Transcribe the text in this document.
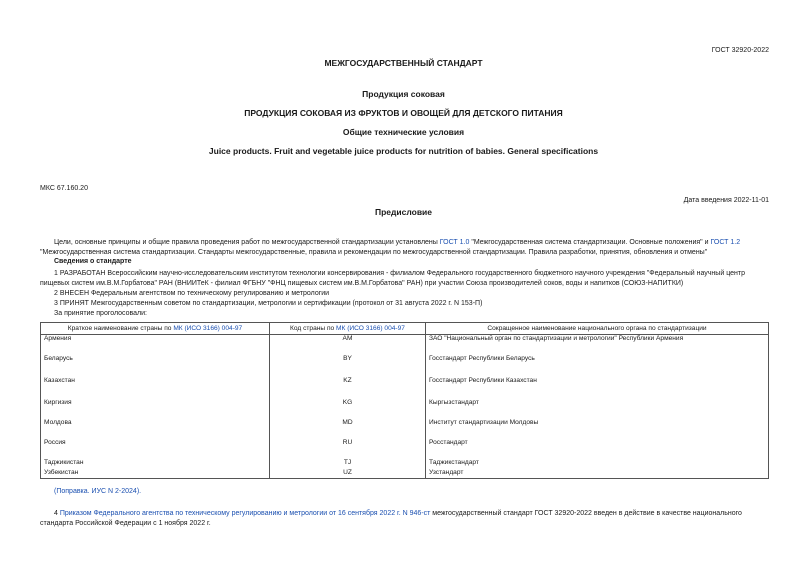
ГОСТ 32920-2022
МЕЖГОСУДАРСТВЕННЫЙ СТАНДАРТ
Продукция соковая
ПРОДУКЦИЯ СОКОВАЯ ИЗ ФРУКТОВ И ОВОЩЕЙ ДЛЯ ДЕТСКОГО ПИТАНИЯ
Общие технические условия
Juice products. Fruit and vegetable juice products for nutrition of babies. General specifications
МКС 67.160.20
Дата введения 2022-11-01
Предисловие
Цели, основные принципы и общие правила проведения работ по межгосударственной стандартизации установлены ГОСТ 1.0 "Межгосударственная система стандартизации. Основные положения" и ГОСТ 1.2 "Межгосударственная система стандартизации. Стандарты межгосударственные, правила и рекомендации по межгосударственной стандартизации. Правила разработки, принятия, обновления и отмены"
Сведения о стандарте
1 РАЗРАБОТАН Всероссийским научно-исследовательским институтом технологии консервирования - филиалом Федерального государственного бюджетного научного учреждения "Федеральный научный центр пищевых систем им.В.М.Горбатова" РАН (ВНИИТеК - филиал ФГБНУ "ФНЦ пищевых систем им.В.М.Горбатова" РАН) при участии Союза производителей соков, воды и напитков (СОЮЗ-НАПИТКИ)
2 ВНЕСЕН Федеральным агентством по техническому регулированию и метрологии
3 ПРИНЯТ Межгосударственным советом по стандартизации, метрологии и сертификации (протокол от 31 августа 2022 г. N 153-П)
За принятие проголосовали:
Краткое наименование страны по МК (ИСО 3166) 004-97	Код страны по МК (ИСО 3166) 004-97	Сокращенное наименование национального органа по стандартизации
Армения	AM	ЗАО "Национальный орган по стандартизации и метрологии" Республики Армения
Беларусь	BY	Госстандарт Республики Беларусь
Казахстан	KZ	Госстандарт Республики Казахстан
Киргизия	KG	Кыргызстандарт
Молдова	MD	Институт стандартизации Молдовы
Россия	RU	Росстандарт
Таджикистан	TJ	Таджикстандарт
Узбекистан	UZ	Узстандарт
(Поправка. ИУС N 2-2024).
4 Приказом Федерального агентства по техническому регулированию и метрологии от 16 сентября 2022 г. N 946-ст межгосударственный стандарт ГОСТ 32920-2022 введен в действие в качестве национального стандарта Российской Федерации с 1 ноября 2022 г.
